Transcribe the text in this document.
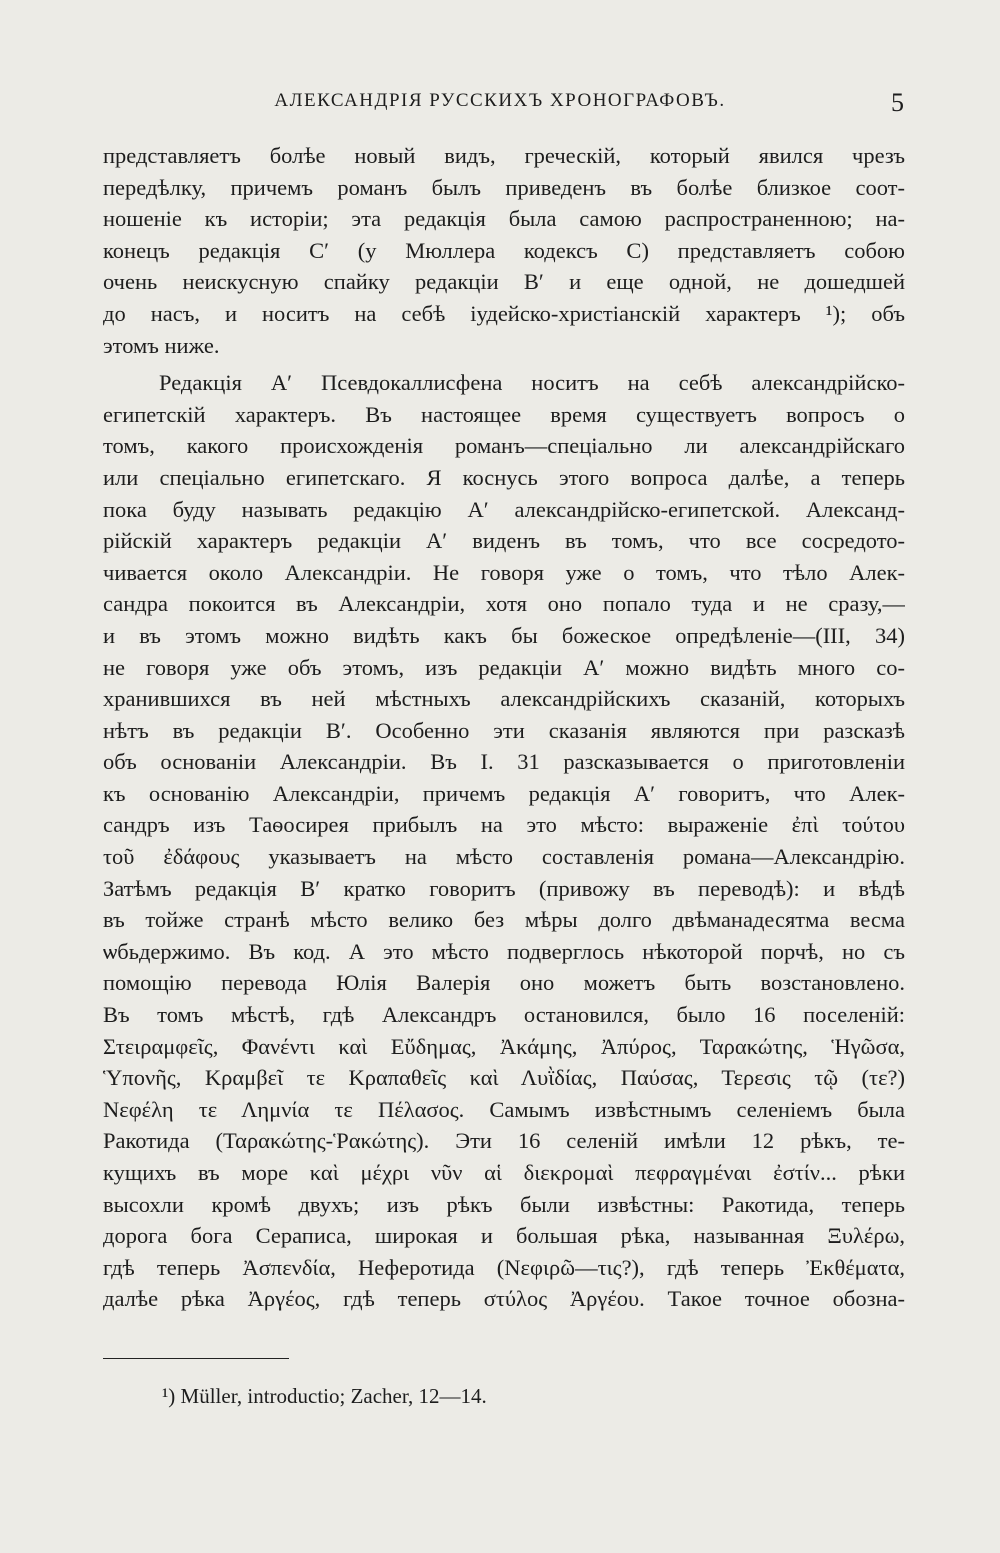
АЛЕКСАНДРІЯ РУССКИХЪ ХРОНОГРАФОВЪ.	5
представляетъ болѣе новый видъ, греческій, который явился чрезъ
передѣлку, причемъ романъ былъ приведенъ въ болѣе близкое соот-
ношеніе къ исторіи; эта редакція была самою распространенною; на-
конецъ редакція С′ (у Мюллера кодексъ С) представляетъ собою
очень неискусную спайку редакціи В′ и еще одной, не дошедшей
до насъ, и носитъ на себѣ іудейско-христіанскій характеръ ¹); объ
этомъ ниже.
Редакція А′ Псевдокаллисфена носитъ на себѣ александрійско-
египетскій характеръ. Въ настоящее время существуетъ вопросъ о
томъ, какого происхожденія романъ—спеціально ли александрійскаго
или спеціально египетскаго. Я коснусь этого вопроса далѣе, а теперь
пока буду называть редакцію А′ александрійско-египетской. Александ-
рійскій характеръ редакціи А′ виденъ въ томъ, что все сосредото-
чивается около Александріи. Не говоря уже о томъ, что тѣло Алек-
сандра покоится въ Александріи, хотя оно попало туда и не сразу,—
и въ этомъ можно видѣть какъ бы божеское опредѣленіе—(III, 34)
не говоря уже объ этомъ, изъ редакціи А′ можно видѣть много со-
хранившихся въ ней мѣстныхъ александрійскихъ сказаній, которыхъ
нѣтъ въ редакціи В′. Особенно эти сказанія являются при разсказѣ
объ основаніи Александріи. Въ I. 31 разсказывается о приготовленіи
къ основанію Александріи, причемъ редакція А′ говоритъ, что Алек-
сандръ изъ Таѳосирея прибылъ на это мѣсто: выраженіе ἐπὶ τούτου
τοῦ ἐδάφους указываетъ на мѣсто составленія романа—Александрію.
Затѣмъ редакція В′ кратко говоритъ (привожу въ переводѣ): и вѣдѣ
въ тойже странѣ мѣсто велико без мѣры долго двѣманадесятма весма
ѡбьдержимо. Въ код. А это мѣсто подверглось нѣкоторой порчѣ, но съ
помощію перевода Юлія Валерія оно можетъ быть возстановлено.
Въ томъ мѣстѣ, гдѣ Александръ остановился, было 16 поселеній:
Στειραμφεῖς, Φανέντι καὶ Εὔδημας, Ἀκάμης, Ἀπύρος, Ταρακώτης, Ἡγῶσα,
Ὑπονῆς, Κραμβεῖ τε Κραπαθεῖς καὶ Λυῒδίας, Παύσας, Τερεσις τῷ (τε?)
Νεφέλη τε Λημνία τε Πέλασος. Самымъ извѣстнымъ селеніемъ была
Ракотида (Ταρακώτης-Ῥακώτης). Эти 16 селеній имѣли 12 рѣкъ, те-
кущихъ въ море καὶ μέχρι νῦν αἱ διεκρομαὶ πεφραγμέναι ἐστίν... рѣки
высохли кромѣ двухъ; изъ рѣкъ были извѣстны: Ракотида, теперь
дорога бога Сераписа, широкая и большая рѣка, называнная Ξυλέρω,
гдѣ теперь Ἀσπενδία, Неферотида (Νεφιρῶ—τις?), гдѣ теперь Ἐκθέματα,
далѣе рѣка Ἀργέος, гдѣ теперь στύλος Ἀργέου. Такое точное обозна-
¹) Müller, introductio; Zacher, 12—14.
